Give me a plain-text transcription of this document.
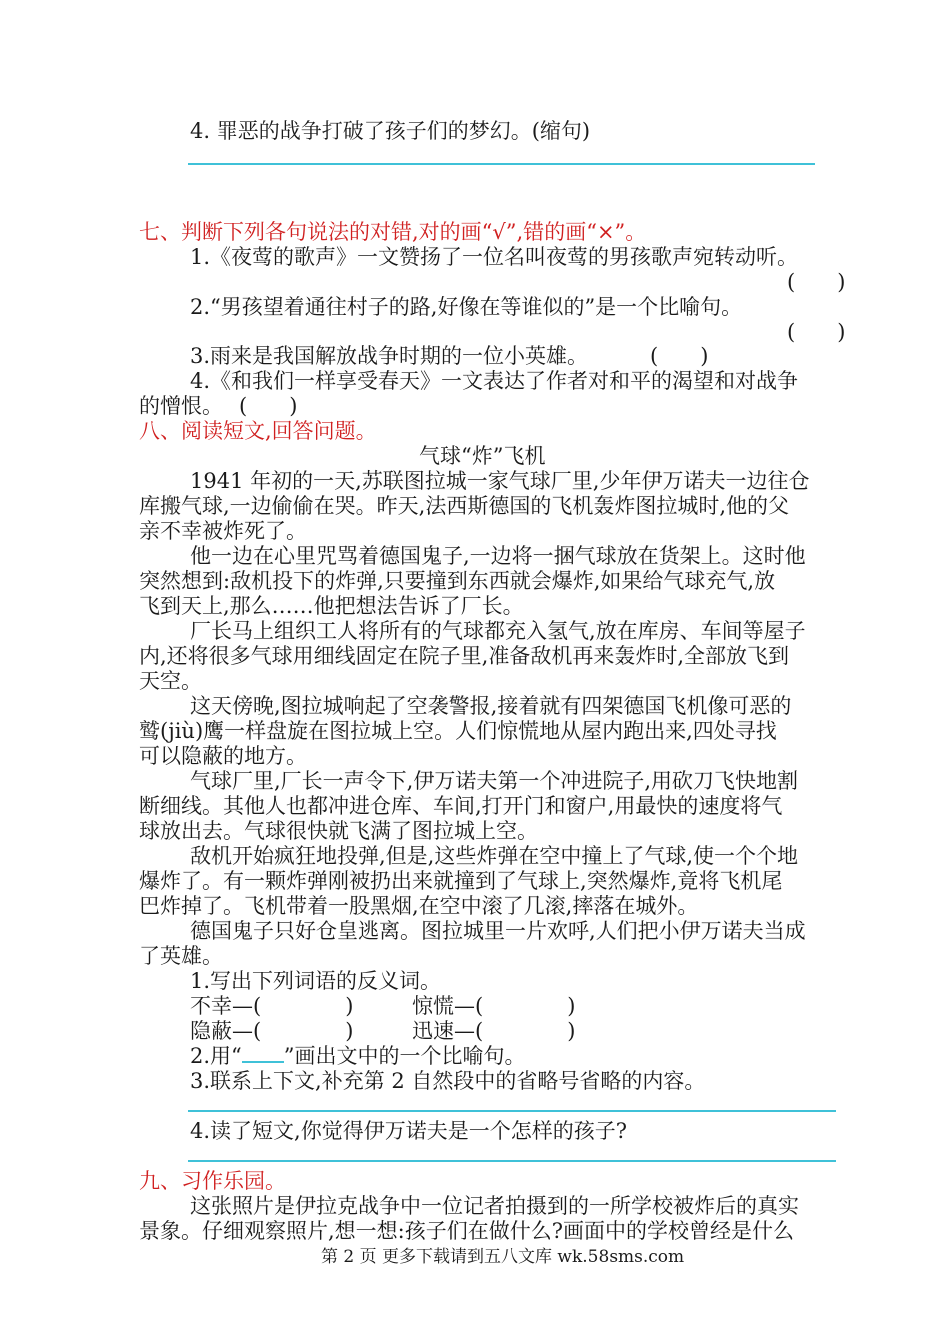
4. 罪恶的战争打破了孩子们的梦幻。(缩句)
七、判断下列各句说法的对错,对的画“√”,错的画“×”。
1.《夜莺的歌声》一文赞扬了一位名叫夜莺的男孩歌声宛转动听。
(　　)
2.“男孩望着通往村子的路,好像在等谁似的”是一个比喻句。
(　　)
3.雨来是我国解放战争时期的一位小英雄。	(　　)
4.《和我们一样享受春天》一文表达了作者对和平的渴望和对战争
的憎恨。 (　　)
八、阅读短文,回答问题。
气球“炸”飞机
1941 年初的一天,苏联图拉城一家气球厂里,少年伊万诺夫一边往仓
库搬气球,一边偷偷在哭。昨天,法西斯德国的飞机轰炸图拉城时,他的父
亲不幸被炸死了。
他一边在心里咒骂着德国鬼子,一边将一捆气球放在货架上。这时他
突然想到:敌机投下的炸弹,只要撞到东西就会爆炸,如果给气球充气,放
飞到天上,那么……他把想法告诉了厂长。
厂长马上组织工人将所有的气球都充入氢气,放在库房、车间等屋子
内,还将很多气球用细线固定在院子里,准备敌机再来轰炸时,全部放飞到
天空。
这天傍晚,图拉城响起了空袭警报,接着就有四架德国飞机像可恶的
鹫(jiù)鹰一样盘旋在图拉城上空。人们惊慌地从屋内跑出来,四处寻找
可以隐蔽的地方。
气球厂里,厂长一声令下,伊万诺夫第一个冲进院子,用砍刀飞快地割
断细线。其他人也都冲进仓库、车间,打开门和窗户,用最快的速度将气
球放出去。气球很快就飞满了图拉城上空。
敌机开始疯狂地投弹,但是,这些炸弹在空中撞上了气球,使一个个地
爆炸了。有一颗炸弹刚被扔出来就撞到了气球上,突然爆炸,竟将飞机尾
巴炸掉了。飞机带着一股黑烟,在空中滚了几滚,摔落在城外。
德国鬼子只好仓皇逃离。图拉城里一片欢呼,人们把小伊万诺夫当成
了英雄。
1.写出下列词语的反义词。
不幸—(　　　　)	惊慌—(　　　　)
隐蔽—(　　　　)	迅速—(　　　　)
2.用“ ”画出文中的一个比喻句。
3.联系上下文,补充第 2 自然段中的省略号省略的内容。
4.读了短文,你觉得伊万诺夫是一个怎样的孩子?
九、习作乐园。
这张照片是伊拉克战争中一位记者拍摄到的一所学校被炸后的真实
景象。仔细观察照片,想一想:孩子们在做什么?画面中的学校曾经是什么
第 2 页 更多下载请到五八文库 wk.58sms.com
